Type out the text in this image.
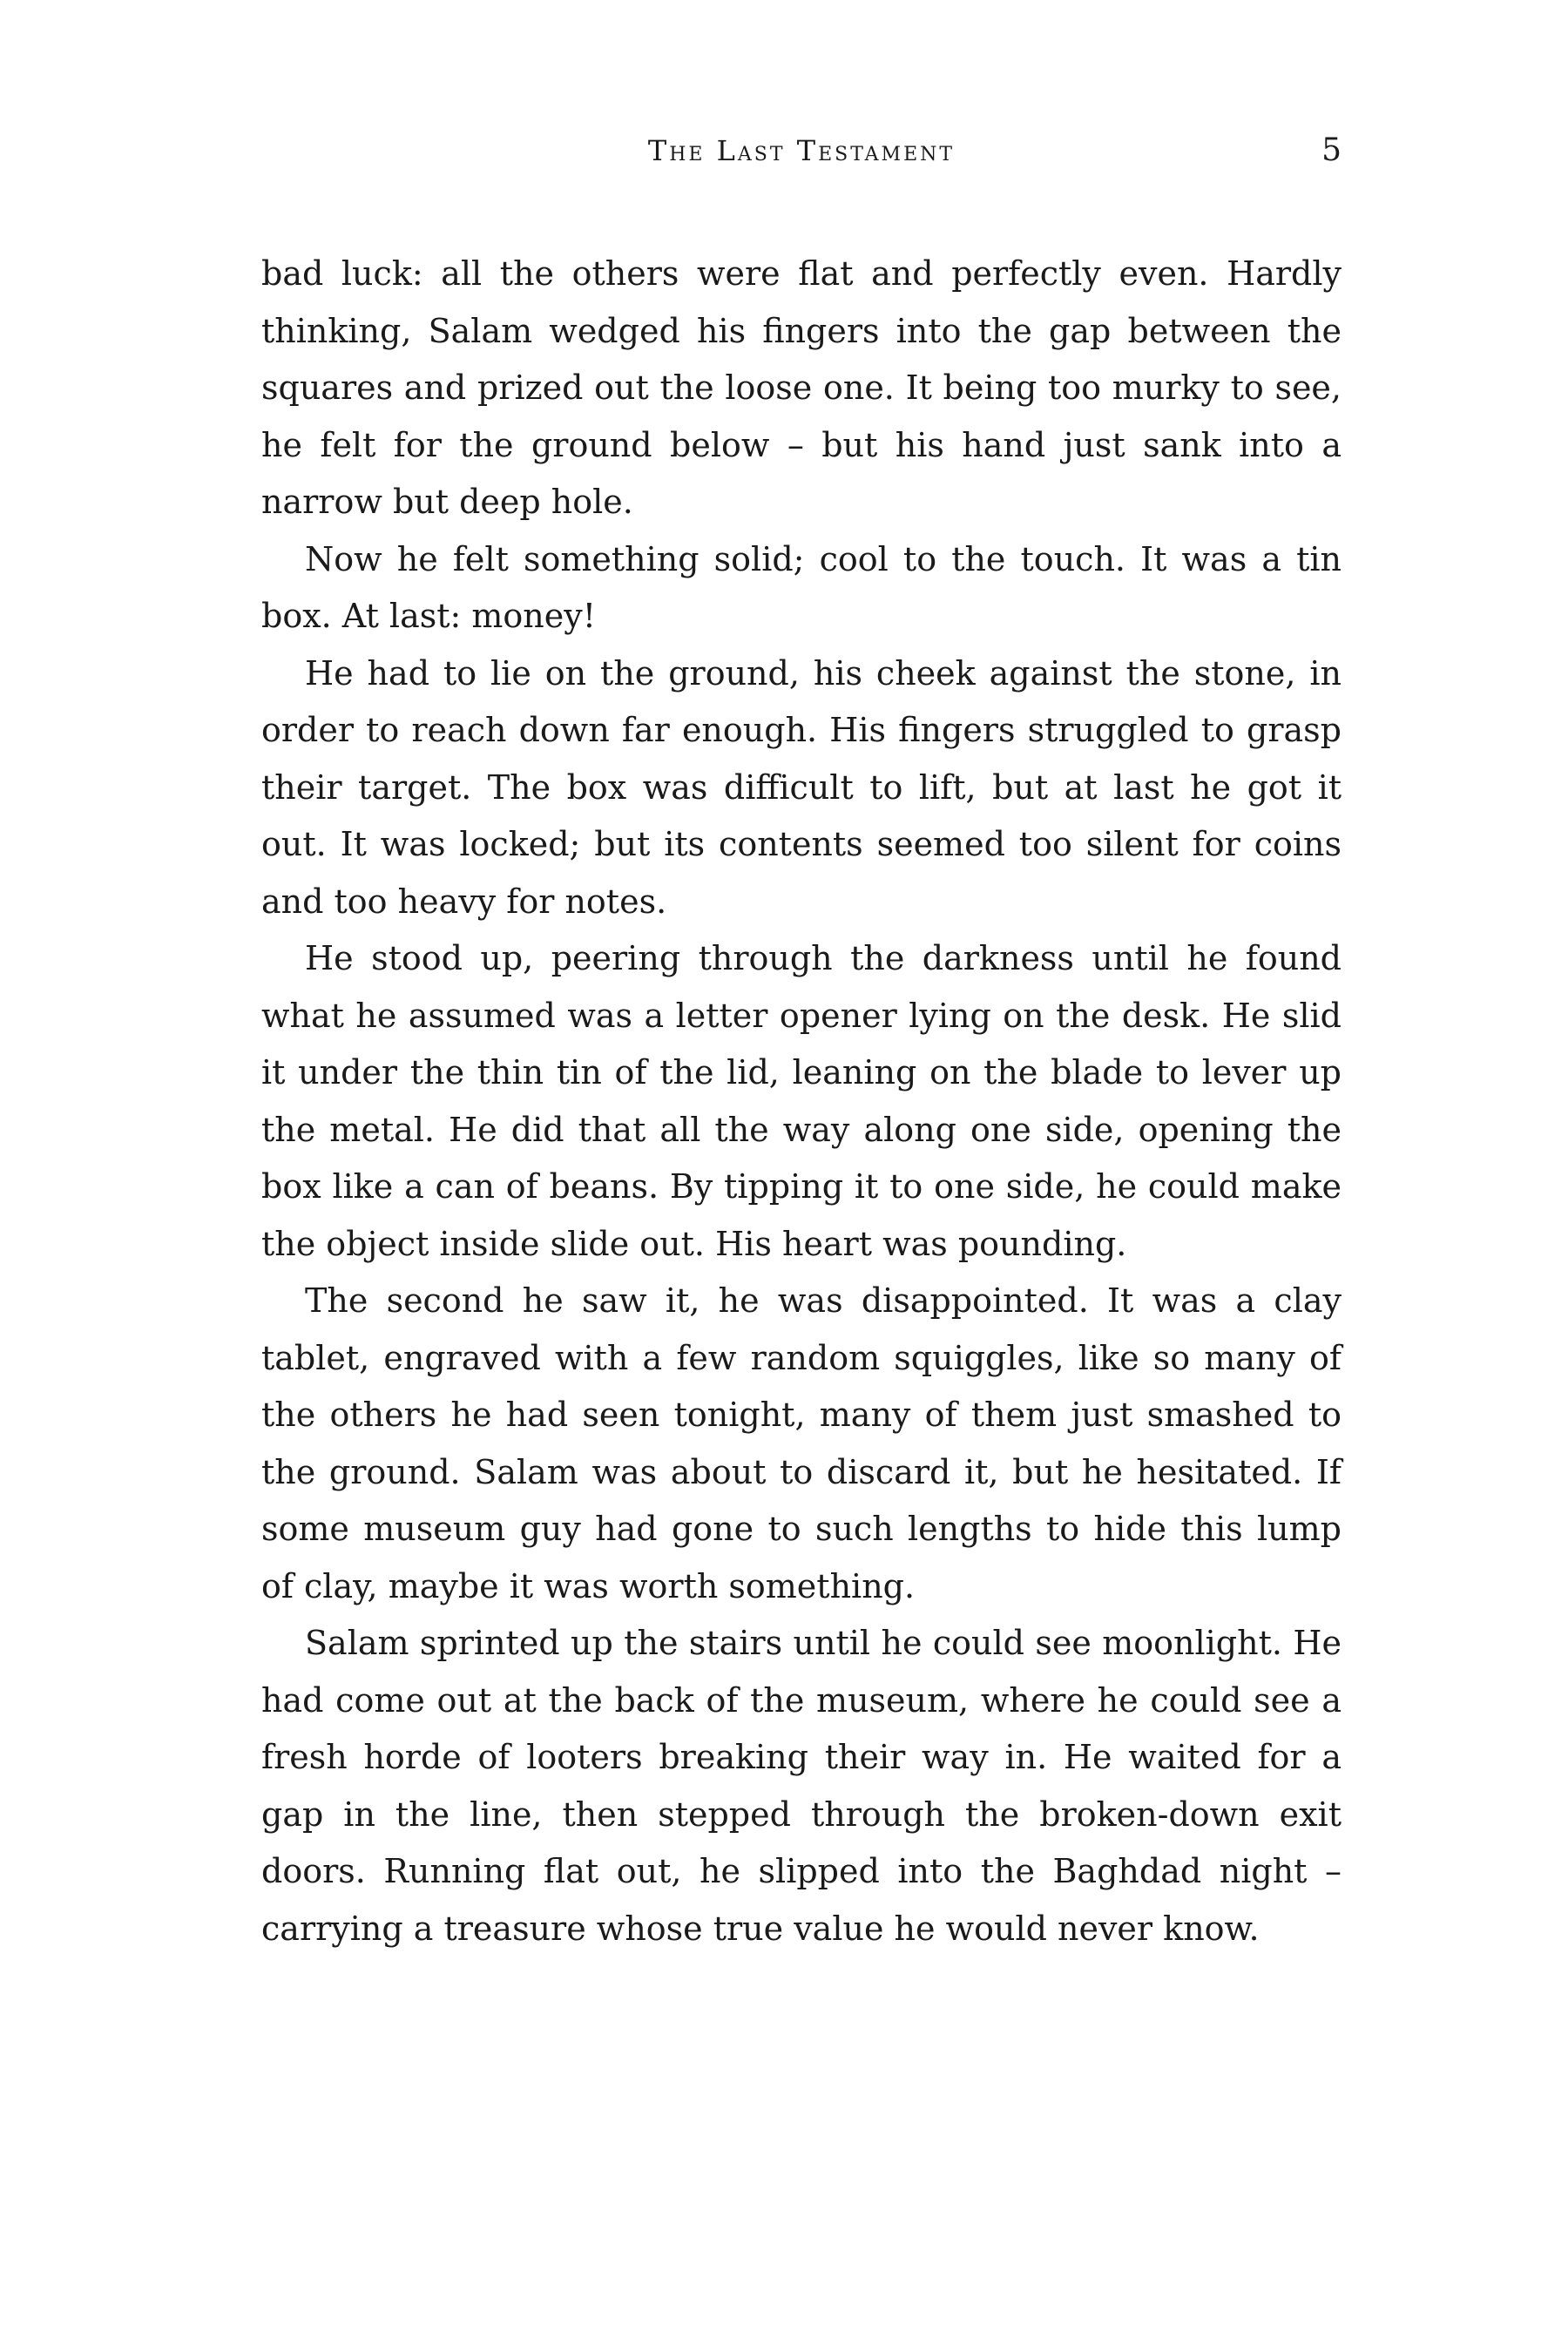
The Last Testament	5

bad luck: all the others were flat and perfectly even. Hardly thinking, Salam wedged his fingers into the gap between the squares and prized out the loose one. It being too murky to see, he felt for the ground below – but his hand just sank into a narrow but deep hole.

Now he felt something solid; cool to the touch. It was a tin box. At last: money!

He had to lie on the ground, his cheek against the stone, in order to reach down far enough. His fingers struggled to grasp their target. The box was difficult to lift, but at last he got it out. It was locked; but its contents seemed too silent for coins and too heavy for notes.

He stood up, peering through the darkness until he found what he assumed was a letter opener lying on the desk. He slid it under the thin tin of the lid, leaning on the blade to lever up the metal. He did that all the way along one side, opening the box like a can of beans. By tipping it to one side, he could make the object inside slide out. His heart was pounding.

The second he saw it, he was disappointed. It was a clay tablet, engraved with a few random squiggles, like so many of the others he had seen tonight, many of them just smashed to the ground. Salam was about to discard it, but he hesitated. If some museum guy had gone to such lengths to hide this lump of clay, maybe it was worth something.

Salam sprinted up the stairs until he could see moonlight. He had come out at the back of the museum, where he could see a fresh horde of looters breaking their way in. He waited for a gap in the line, then stepped through the broken-down exit doors. Running flat out, he slipped into the Baghdad night – carrying a treasure whose true value he would never know.
